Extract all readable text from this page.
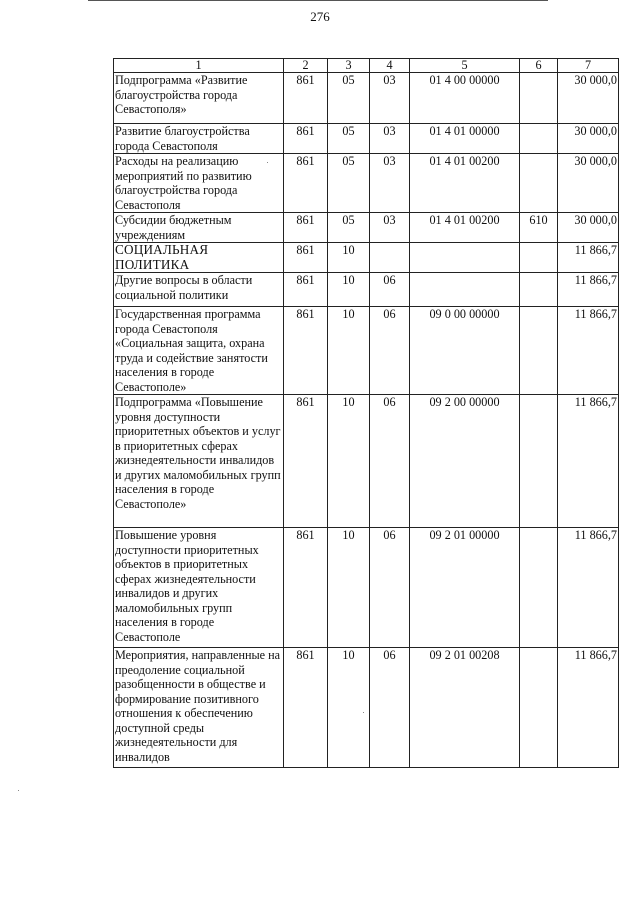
276
1	2	3	4	5	6	7
Подпрограмма «Развитие благоустройства города Севастополя»	861	05	03	01 4 00 00000		30 000,0
Развитие благоустройства города Севастополя	861	05	03	01 4 01 00000		30 000,0
Расходы на реализацию мероприятий по развитию благоустройства города Севастополя	861	05	03	01 4 01 00200		30 000,0
Субсидии бюджетным учреждениям	861	05	03	01 4 01 00200	610	30 000,0
СОЦИАЛЬНАЯ ПОЛИТИКА	861	10				11 866,7
Другие вопросы в области социальной политики	861	10	06			11 866,7
Государственная программа города Севастополя «Социальная защита, охрана труда и содействие занятости населения в городе Севастополе»	861	10	06	09 0 00 00000		11 866,7
Подпрограмма «Повышение уровня доступности приоритетных объектов и услуг в приоритетных сферах жизнедеятельности инвалидов и других маломобильных групп населения в городе Севастополе»	861	10	06	09 2 00 00000		11 866,7
Повышение уровня доступности приоритетных объектов в приоритетных сферах жизнедеятельности инвалидов и других маломобильных групп населения в городе Севастополе	861	10	06	09 2 01 00000		11 866,7
Мероприятия, направленные на преодоление социальной разобщенности в обществе и формирование позитивного отношения к обеспечению доступной среды жизнедеятельности для инвалидов	861	10	06	09 2 01 00208		11 866,7
